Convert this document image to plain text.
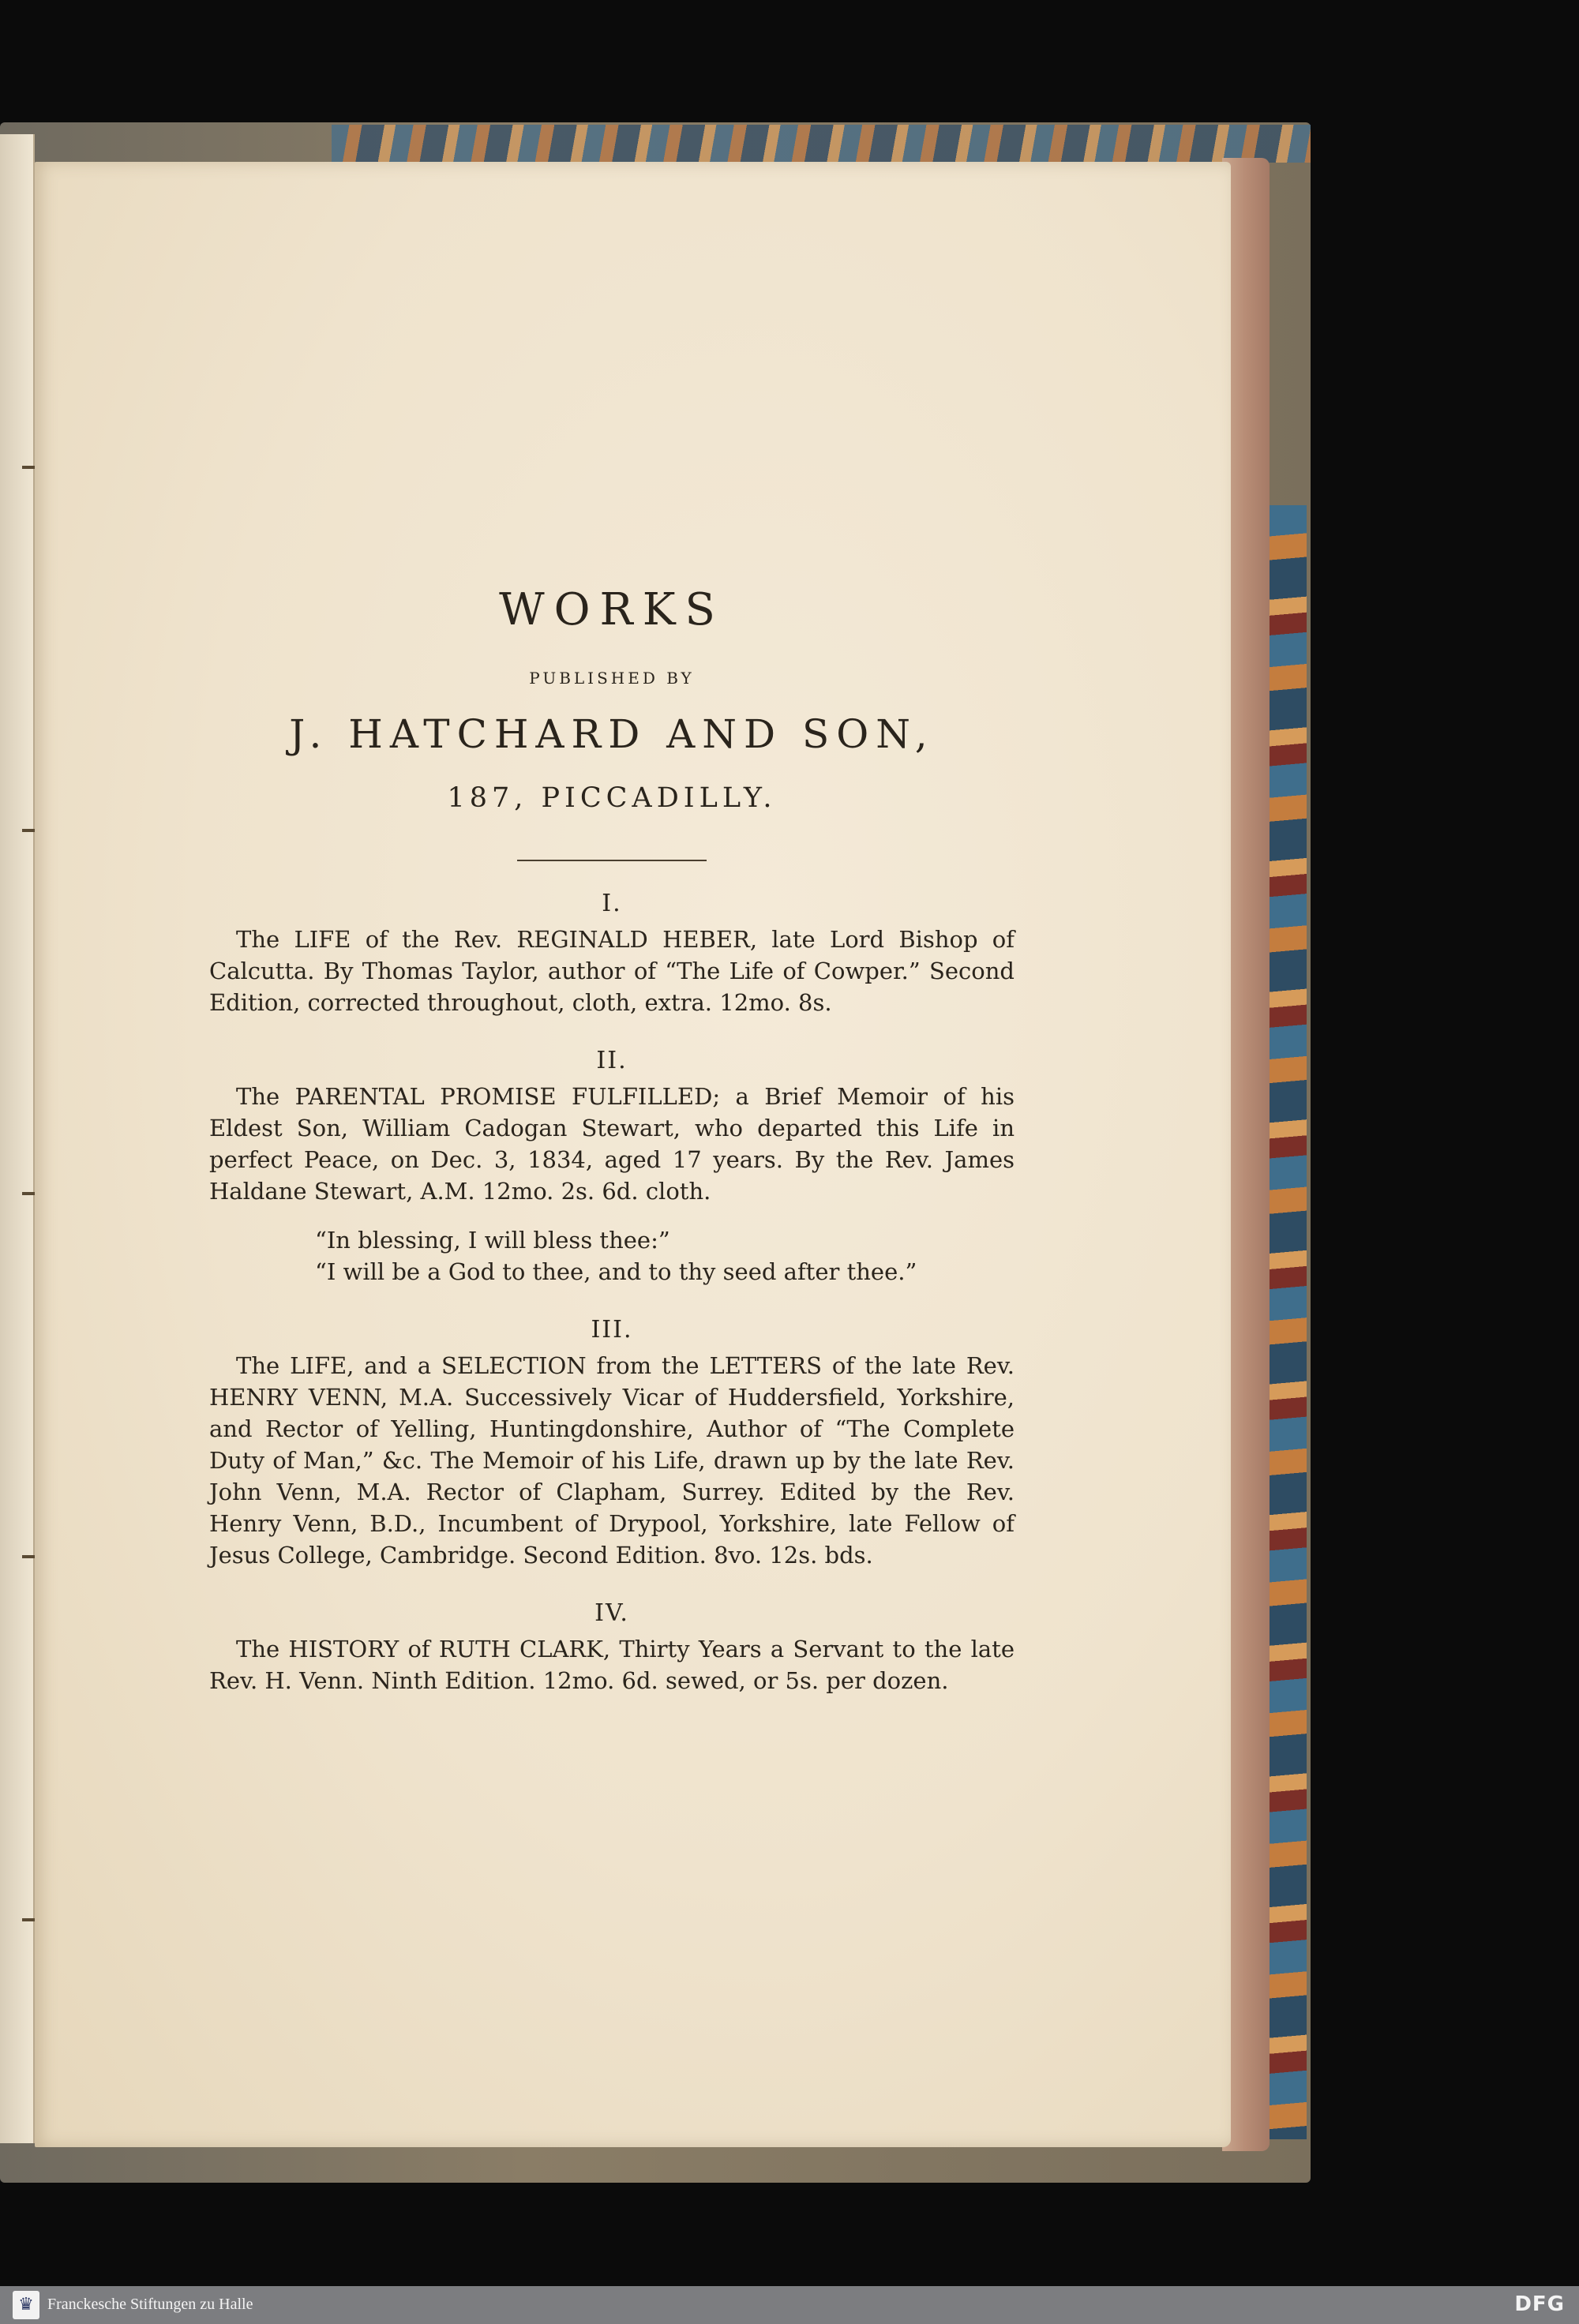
WORKS

PUBLISHED BY

J. HATCHARD AND SON,

187, PICCADILLY.

I.

The LIFE of the Rev. REGINALD HEBER, late Lord Bishop of Calcutta. By Thomas Taylor, author of “The Life of Cowper.” Second Edition, corrected throughout, cloth, extra. 12mo. 8s.

II.

The PARENTAL PROMISE FULFILLED; a Brief Memoir of his Eldest Son, William Cadogan Stewart, who departed this Life in perfect Peace, on Dec. 3, 1834, aged 17 years. By the Rev. James Haldane Stewart, A.M. 12mo. 2s. 6d. cloth.

“In blessing, I will bless thee:”

“I will be a God to thee, and to thy seed after thee.”

III.

The LIFE, and a SELECTION from the LETTERS of the late Rev. HENRY VENN, M.A. Successively Vicar of Huddersfield, Yorkshire, and Rector of Yelling, Huntingdonshire, Author of “The Complete Duty of Man,” &c. The Memoir of his Life, drawn up by the late Rev. John Venn, M.A. Rector of Clapham, Surrey. Edited by the Rev. Henry Venn, B.D., Incumbent of Drypool, Yorkshire, late Fellow of Jesus College, Cambridge. Second Edition. 8vo. 12s. bds.

IV.

The HISTORY of RUTH CLARK, Thirty Years a Servant to the late Rev. H. Venn. Ninth Edition. 12mo. 6d. sewed, or 5s. per dozen.

♛ Franckesche Stiftungen zu Halle	DFG
